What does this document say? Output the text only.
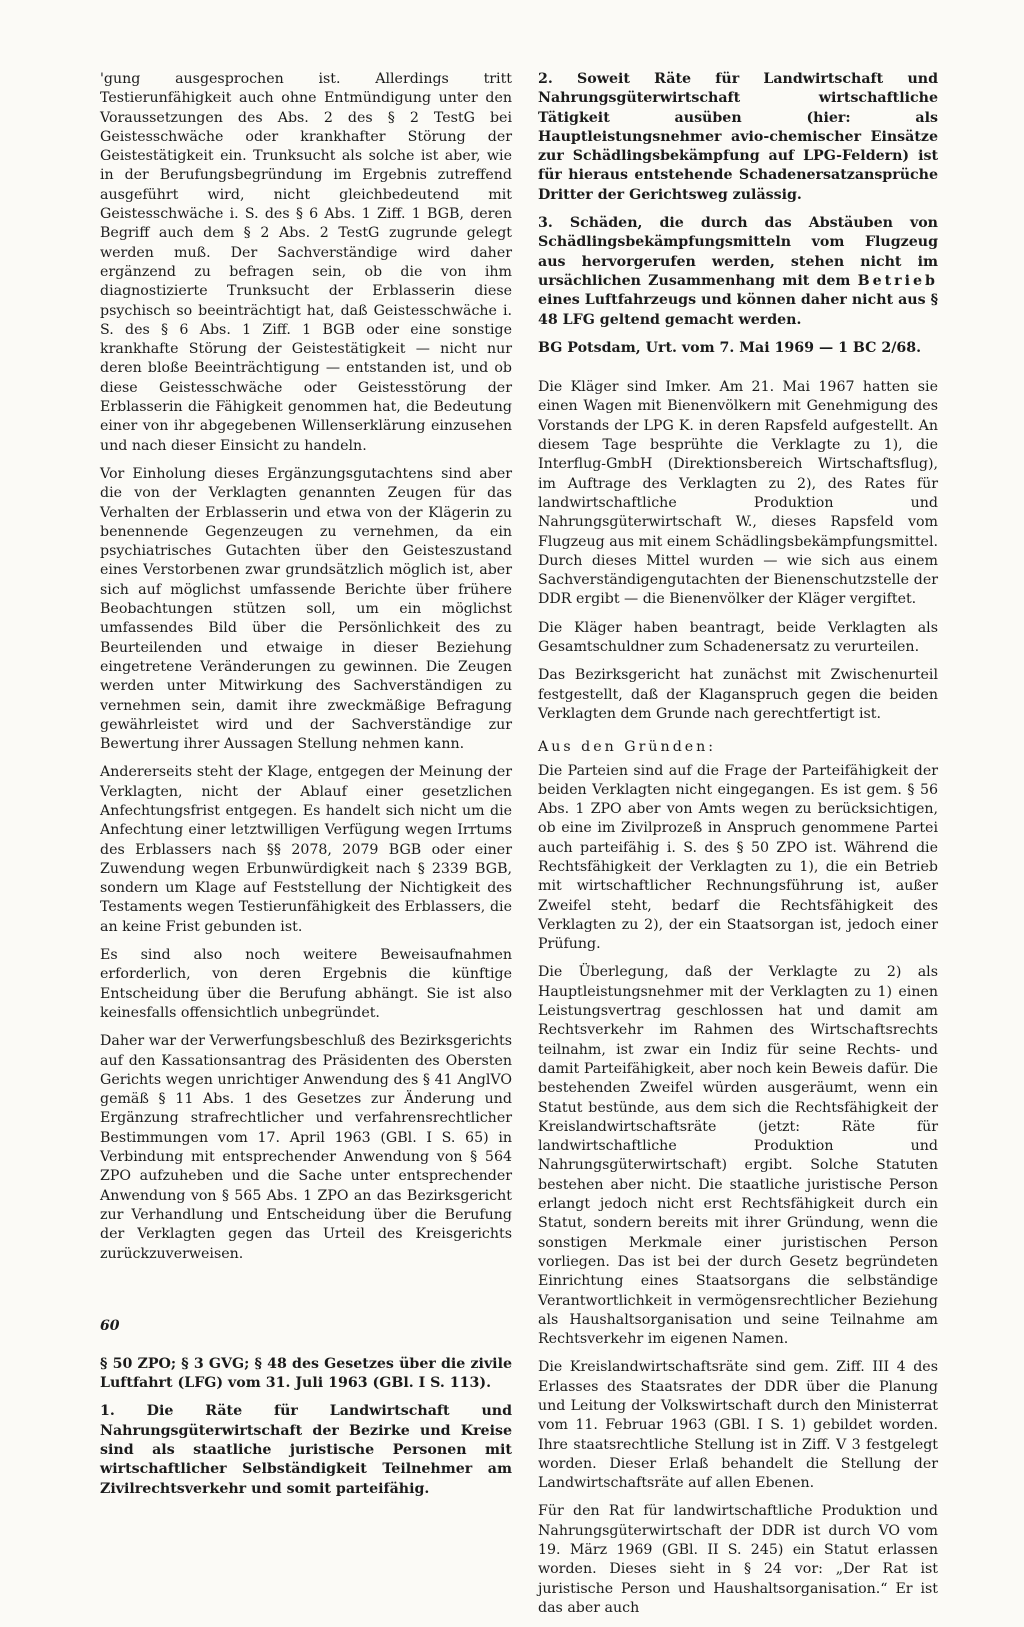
'gung ausgesprochen ist. Allerdings tritt Testierunfähigkeit auch ohne Entmündigung unter den Voraussetzungen des Abs. 2 des § 2 TestG bei Geistesschwäche oder krankhafter Störung der Geistestätigkeit ein. Trunksucht als solche ist aber, wie in der Berufungsbegründung im Ergebnis zutreffend ausgeführt wird, nicht gleichbedeutend mit Geistesschwäche i. S. des § 6 Abs. 1 Ziff. 1 BGB, deren Begriff auch dem § 2 Abs. 2 TestG zugrunde gelegt werden muß. Der Sachverständige wird daher ergänzend zu befragen sein, ob die von ihm diagnostizierte Trunksucht der Erblasserin diese psychisch so beeinträchtigt hat, daß Geistesschwäche i. S. des § 6 Abs. 1 Ziff. 1 BGB oder eine sonstige krankhafte Störung der Geistestätigkeit — nicht nur deren bloße Beeinträchtigung — entstanden ist, und ob diese Geistesschwäche oder Geistesstörung der Erblasserin die Fähigkeit genommen hat, die Bedeutung einer von ihr abgegebenen Willenserklärung einzusehen und nach dieser Einsicht zu handeln.

Vor Einholung dieses Ergänzungsgutachtens sind aber die von der Verklagten genannten Zeugen für das Verhalten der Erblasserin und etwa von der Klägerin zu benennende Gegenzeugen zu vernehmen, da ein psychiatrisches Gutachten über den Geisteszustand eines Verstorbenen zwar grundsätzlich möglich ist, aber sich auf möglichst umfassende Berichte über frühere Beobachtungen stützen soll, um ein möglichst umfassendes Bild über die Persönlichkeit des zu Beurteilenden und etwaige in dieser Beziehung eingetretene Veränderungen zu gewinnen. Die Zeugen werden unter Mitwirkung des Sachverständigen zu vernehmen sein, damit ihre zweckmäßige Befragung gewährleistet wird und der Sachverständige zur Bewertung ihrer Aussagen Stellung nehmen kann.

Andererseits steht der Klage, entgegen der Meinung der Verklagten, nicht der Ablauf einer gesetzlichen Anfechtungsfrist entgegen. Es handelt sich nicht um die Anfechtung einer letztwilligen Verfügung wegen Irrtums des Erblassers nach §§ 2078, 2079 BGB oder einer Zuwendung wegen Erbunwürdigkeit nach § 2339 BGB, sondern um Klage auf Feststellung der Nichtigkeit des Testaments wegen Testierunfähigkeit des Erblassers, die an keine Frist gebunden ist.

Es sind also noch weitere Beweisaufnahmen erforderlich, von deren Ergebnis die künftige Entscheidung über die Berufung abhängt. Sie ist also keinesfalls offensichtlich unbegründet.

Daher war der Verwerfungsbeschluß des Bezirksgerichts auf den Kassationsantrag des Präsidenten des Obersten Gerichts wegen unrichtiger Anwendung des § 41 AnglVO gemäß § 11 Abs. 1 des Gesetzes zur Änderung und Ergänzung strafrechtlicher und verfahrensrechtlicher Bestimmungen vom 17. April 1963 (GBl. I S. 65) in Verbindung mit entsprechender Anwendung von § 564 ZPO aufzuheben und die Sache unter entsprechender Anwendung von § 565 Abs. 1 ZPO an das Bezirksgericht zur Verhandlung und Entscheidung über die Berufung der Verklagten gegen das Urteil des Kreisgerichts zurückzuverweisen.

§ 50 ZPO; § 3 GVG; § 48 des Gesetzes über die zivile Luftfahrt (LFG) vom 31. Juli 1963 (GBl. I S. 113).

1. Die Räte für Landwirtschaft und Nahrungsgüterwirtschaft der Bezirke und Kreise sind als staatliche juristische Personen mit wirtschaftlicher Selbständigkeit Teilnehmer am Zivilrechtsverkehr und somit parteifähig.

2. Soweit Räte für Landwirtschaft und Nahrungsgüterwirtschaft wirtschaftliche Tätigkeit ausüben (hier: als Hauptleistungsnehmer avio-chemischer Einsätze zur Schädlingsbekämpfung auf LPG-Feldern) ist für hieraus entstehende Schadenersatzansprüche Dritter der Gerichtsweg zulässig.

3. Schäden, die durch das Abstäuben von Schädlingsbekämpfungsmitteln vom Flugzeug aus hervorgerufen werden, stehen nicht im ursächlichen Zusammenhang mit dem Betrieb eines Luftfahrzeugs und können daher nicht aus § 48 LFG geltend gemacht werden.

BG Potsdam, Urt. vom 7. Mai 1969 — 1 BC 2/68.

Die Kläger sind Imker. Am 21. Mai 1967 hatten sie einen Wagen mit Bienenvölkern mit Genehmigung des Vorstands der LPG K. in deren Rapsfeld aufgestellt. An diesem Tage besprühte die Verklagte zu 1), die Interflug-GmbH (Direktionsbereich Wirtschaftsflug), im Auftrage des Verklagten zu 2), des Rates für landwirtschaftliche Produktion und Nahrungsgüterwirtschaft W., dieses Rapsfeld vom Flugzeug aus mit einem Schädlingsbekämpfungsmittel. Durch dieses Mittel wurden — wie sich aus einem Sachverständigengutachten der Bienenschutzstelle der DDR ergibt — die Bienenvölker der Kläger vergiftet.

Die Kläger haben beantragt, beide Verklagten als Gesamtschuldner zum Schadenersatz zu verurteilen.

Das Bezirksgericht hat zunächst mit Zwischenurteil festgestellt, daß der Klaganspruch gegen die beiden Verklagten dem Grunde nach gerechtfertigt ist.

Aus den Gründen:

Die Parteien sind auf die Frage der Parteifähigkeit der beiden Verklagten nicht eingegangen. Es ist gem. § 56 Abs. 1 ZPO aber von Amts wegen zu berücksichtigen, ob eine im Zivilprozeß in Anspruch genommene Partei auch parteifähig i. S. des § 50 ZPO ist. Während die Rechtsfähigkeit der Verklagten zu 1), die ein Betrieb mit wirtschaftlicher Rechnungsführung ist, außer Zweifel steht, bedarf die Rechtsfähigkeit des Verklagten zu 2), der ein Staatsorgan ist, jedoch einer Prüfung.

Die Überlegung, daß der Verklagte zu 2) als Hauptleistungsnehmer mit der Verklagten zu 1) einen Leistungsvertrag geschlossen hat und damit am Rechtsverkehr im Rahmen des Wirtschaftsrechts teilnahm, ist zwar ein Indiz für seine Rechts- und damit Parteifähigkeit, aber noch kein Beweis dafür. Die bestehenden Zweifel würden ausgeräumt, wenn ein Statut bestünde, aus dem sich die Rechtsfähigkeit der Kreislandwirtschaftsräte (jetzt: Räte für landwirtschaftliche Produktion und Nahrungsgüterwirtschaft) ergibt. Solche Statuten bestehen aber nicht. Die staatliche juristische Person erlangt jedoch nicht erst Rechtsfähigkeit durch ein Statut, sondern bereits mit ihrer Gründung, wenn die sonstigen Merkmale einer juristischen Person vorliegen. Das ist bei der durch Gesetz begründeten Einrichtung eines Staatsorgans die selbständige Verantwortlichkeit in vermögensrechtlicher Beziehung als Haushaltsorganisation und seine Teilnahme am Rechtsverkehr im eigenen Namen.

Die Kreislandwirtschaftsräte sind gem. Ziff. III 4 des Erlasses des Staatsrates der DDR über die Planung und Leitung der Volkswirtschaft durch den Ministerrat vom 11. Februar 1963 (GBl. I S. 1) gebildet worden. Ihre staatsrechtliche Stellung ist in Ziff. V 3 festgelegt worden. Dieser Erlaß behandelt die Stellung der Landwirtschaftsräte auf allen Ebenen.

Für den Rat für landwirtschaftliche Produktion und Nahrungsgüterwirtschaft der DDR ist durch VO vom 19. März 1969 (GBl. II S. 245) ein Statut erlassen worden. Dieses sieht in § 24 vor: „Der Rat ist juristische Person und Haushaltsorganisation.“ Er ist das aber auch

60
